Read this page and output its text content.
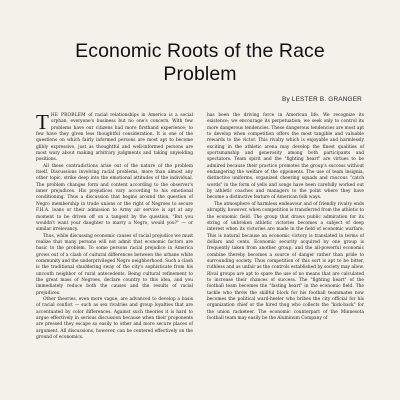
Economic Roots of the Race Problem
By LESTER B. GRANGER

THE PROBLEM of racial relationships in America is a social orphan, everyone's business but no one's concern. With few problems have our citizens had more firsthand experience; to few have they given less thoughtful consideration. It is one of the questions on which fairly informed persons are most apt to become glibly expressive, just as thoughtful and well-informed persons are most wary about making arbitrary judgments and taking unyielding positions.

All these contradictions arise out of the nature of the problem itself. Discussions involving racial problems, more than almost any other topic, strike deep into the emotional attitudes of the individual. The problem changes form and content according to the observer's inner prejudices. His prejudices vary according to his emotional conditioning. Thus a discussion that begins around the question of Negro membership in trade unions or the right of Negroes to secure F.H.A. loans or their admission to Army air service is apt at any moment to be driven off on a tangent by the question, "But you wouldn't want your daughter to marry a Negro, would you?" — or similar irrelevancy.

Thus, while discussing economic causes of racial prejudice we must realize that many persons will not admit that economic factors are basic to the problem. To some persons racial prejudice in America grows out of a clash of cultural differences between the urbane white community and the underprivileged Negro neighborhood. Such a clash is the traditional shuddering sway of the city's sophisticate from his uncouth neighbor of rural antecedents. Being cultural refinement to the great mass of Negroes, declare country to this idea, and you immediately reduce both the causes and the results of racial prejudices.

Other theories, even more vague, are advanced to develop a basis of racial conflict — such as sex rivalries and group loyalties that are accentuated by color differences. Against such theories it is hard to argue effectively in serious discussion because when their proponents are pressed they escape so easily to other and more secure places of argument. All discussions, however, can be centered effectively on the ground of economics.

has been the driving force in American life. We recognize its existence; we encourage its perpetuation; we seek only to control its more dangerous tendencies. These dangerous tendencies are most apt to develop when competition offers the most tangible and valuable rewards to the victor. This rivalry which is enjoyable and harmlessly exciting in the athletic arena may develop the finest qualities of sportsmanship and generosity among both participants and spectators. Team spirit and the "fighting heart" are virtues to be admired because their practice promotes the group's success without endangering the welfare of the opponents. The use of team insignia, distinctive uniforms, organized cheering squads and raucous "catch words" in the form of yells and songs have been carefully worked out by athletic coaches and managers to the point where they have become a distinctive feature of American folk ways.

The atmosphere of harmless endeavour and of friendly rivalry ends abruptly, however, when competition is transferred from the athletic to the economic field. The group that draws public admiration for its string of unbroken athletic victories becomes a subject of deep interest when its victories are made in the field of economic warfare. This is natural because an economic victory is translated in terms of dollars and cents. Economic security acquired by one group is frequently taken from another group, and the all-powerful economic combine thereby becomes a source of danger rather than pride to surrounding society. Thus competition of this sort is apt to be bitter, ruthless and as unfair as the controls established by society may allow. Rival groups are apt to spare the use of no means that are calculated to increase their chances of success. The "fighting heart" of the football team becomes the "fasting heart" in the economic field. The tackle who threw the skillful block for his football teammates now becomes the political ward-heeler who bribes the city official for his organization chief or the hired thug who collects the "kick-back" for the union racketeer. The economic counterpart of the Minnesota football team may easily be the Aluminum Company of
